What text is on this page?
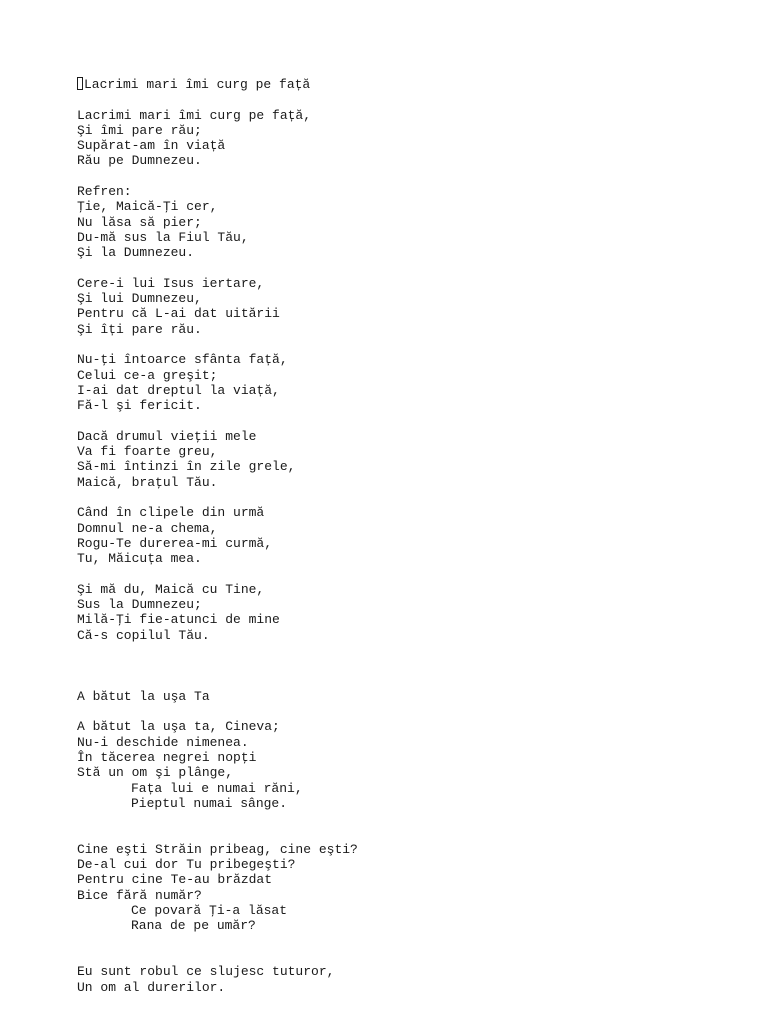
Lacrimi mari îmi curg pe față
Lacrimi mari îmi curg pe față,
Şi îmi pare rău;
Supărat-am în viață
Rău pe Dumnezeu.
Refren:
Ţie, Maică-Ţi cer,
Nu lăsa să pier;
Du-mă sus la Fiul Tău,
Şi la Dumnezeu.
Cere-i lui Isus iertare,
Şi lui Dumnezeu,
Pentru că L-ai dat uitării
Şi îți pare rău.
Nu-ţi întoarce sfânta față,
Celui ce-a greşit;
I-ai dat dreptul la viață,
Fă-l şi fericit.
Dacă drumul vieţii mele
Va fi foarte greu,
Să-mi întinzi în zile grele,
Maică, braţul Tău.
Când în clipele din urmă
Domnul ne-a chema,
Rogu-Te durerea-mi curmă,
Tu, Măicuța mea.
Şi mă du, Maică cu Tine,
Sus la Dumnezeu;
Milă-Ţi fie-atunci de mine
Că-s copilul Tău.
A bătut la uşa Ta
A bătut la uşa ta, Cineva;
Nu-i deschide nimenea.
În tăcerea negrei nopţi
Stă un om şi plânge,
Fața lui e numai răni,
Pieptul numai sânge.
Cine eşti Străin pribeag, cine eşti?
De-al cui dor Tu pribegeşti?
Pentru cine Te-au brăzdat
Bice fără număr?
Ce povară Ţi-a lăsat
Rana de pe umăr?
Eu sunt robul ce slujesc tuturor,
Un om al durerilor.
